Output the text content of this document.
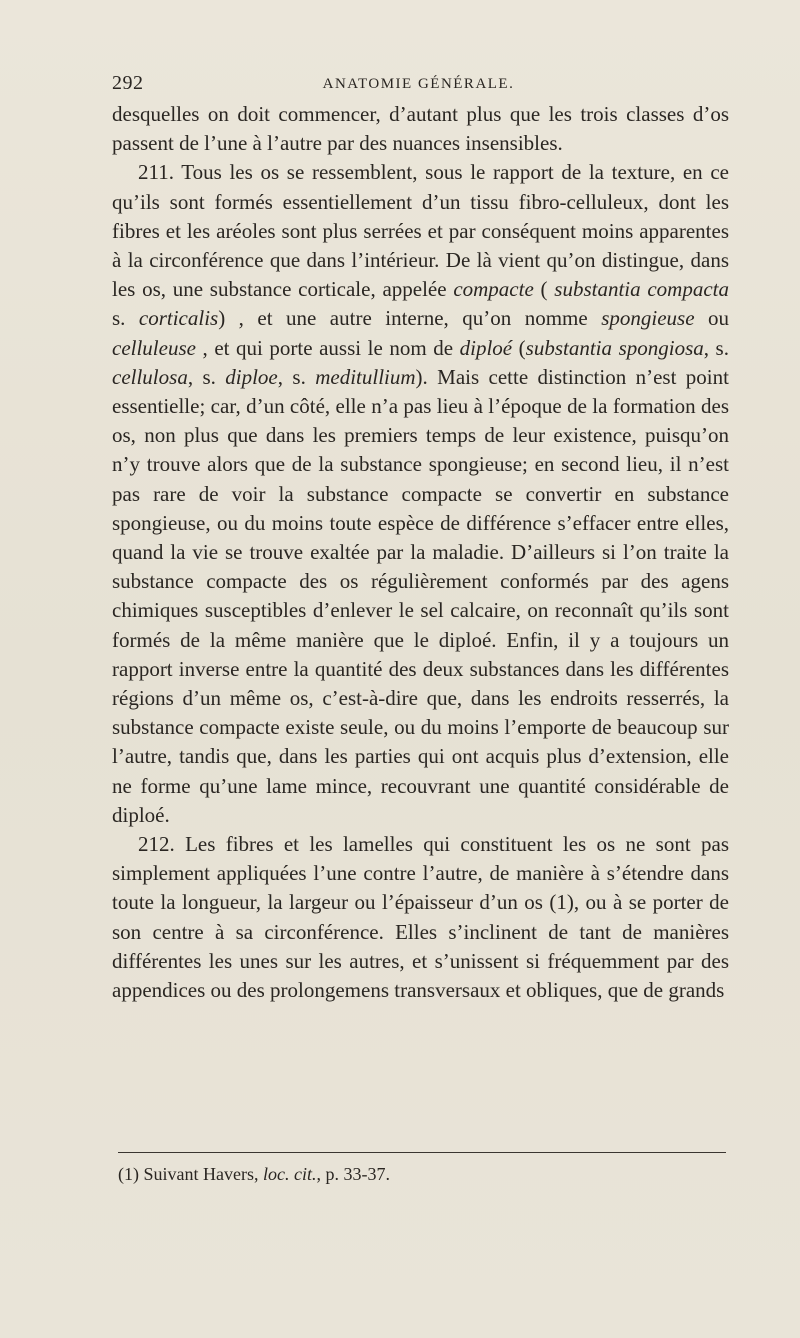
292	ANATOMIE GÉNÉRALE.

desquelles on doit commencer, d’autant plus que les trois classes d’os passent de l’une à l’autre par des nuances insensibles.

211. Tous les os se ressemblent, sous le rapport de la texture, en ce qu’ils sont formés essentiellement d’un tissu fibro-celluleux, dont les fibres et les aréoles sont plus serrées et par conséquent moins apparentes à la circonférence que dans l’intérieur. De là vient qu’on distingue, dans les os, une substance corticale, appelée compacte ( substantia compacta s. corticalis) , et une autre interne, qu’on nomme spongieuse ou celluleuse , et qui porte aussi le nom de diploé (substantia spongiosa, s. cellulosa, s. diploe, s. meditullium). Mais cette distinction n’est point essentielle; car, d’un côté, elle n’a pas lieu à l’époque de la formation des os, non plus que dans les premiers temps de leur existence, puisqu’on n’y trouve alors que de la substance spongieuse; en second lieu, il n’est pas rare de voir la substance compacte se convertir en substance spongieuse, ou du moins toute espèce de différence s’effacer entre elles, quand la vie se trouve exaltée par la maladie. D’ailleurs si l’on traite la substance compacte des os régulièrement conformés par des agens chimiques susceptibles d’enlever le sel calcaire, on reconnaît qu’ils sont formés de la même manière que le diploé. Enfin, il y a toujours un rapport inverse entre la quantité des deux substances dans les différentes régions d’un même os, c’est-à-dire que, dans les endroits resserrés, la substance compacte existe seule, ou du moins l’emporte de beaucoup sur l’autre, tandis que, dans les parties qui ont acquis plus d’extension, elle ne forme qu’une lame mince, recouvrant une quantité considérable de diploé.

212. Les fibres et les lamelles qui constituent les os ne sont pas simplement appliquées l’une contre l’autre, de manière à s’étendre dans toute la longueur, la largeur ou l’épaisseur d’un os (1), ou à se porter de son centre à sa circonférence. Elles s’inclinent de tant de manières différentes les unes sur les autres, et s’unissent si fréquemment par des appendices ou des prolongemens transversaux et obliques, que de grands

(1) Suivant Havers, loc. cit., p. 33-37.
